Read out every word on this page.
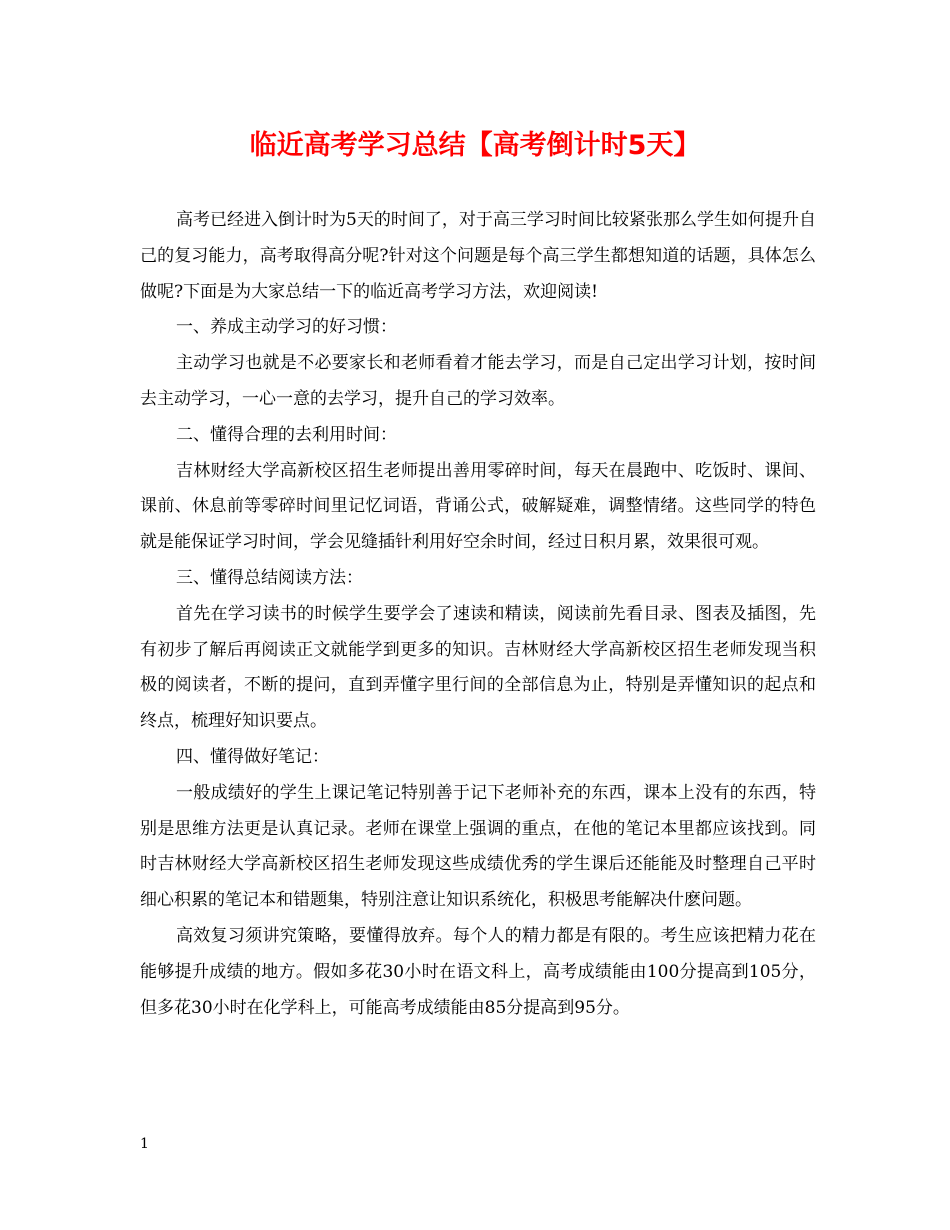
临近高考学习总结【高考倒计时5天】

高考已经进入倒计时为5天的时间了，对于高三学习时间比较紧张那么学生如何提升自己的复习能力，高考取得高分呢?针对这个问题是每个高三学生都想知道的话题，具体怎么做呢?下面是为大家总结一下的临近高考学习方法，欢迎阅读!

一、养成主动学习的好习惯：

主动学习也就是不必要家长和老师看着才能去学习，而是自己定出学习计划，按时间去主动学习，一心一意的去学习，提升自己的学习效率。

二、懂得合理的去利用时间：

吉林财经大学高新校区招生老师提出善用零碎时间，每天在晨跑中、吃饭时、课间、课前、休息前等零碎时间里记忆词语，背诵公式，破解疑难，调整情绪。这些同学的特色就是能保证学习时间，学会见缝插针利用好空余时间，经过日积月累，效果很可观。

三、懂得总结阅读方法：

首先在学习读书的时候学生要学会了速读和精读，阅读前先看目录、图表及插图，先有初步了解后再阅读正文就能学到更多的知识。吉林财经大学高新校区招生老师发现当积极的阅读者，不断的提问，直到弄懂字里行间的全部信息为止，特别是弄懂知识的起点和终点，梳理好知识要点。

四、懂得做好笔记：

一般成绩好的学生上课记笔记特别善于记下老师补充的东西，课本上没有的东西，特别是思维方法更是认真记录。老师在课堂上强调的重点，在他的笔记本里都应该找到。同时吉林财经大学高新校区招生老师发现这些成绩优秀的学生课后还能能及时整理自己平时细心积累的笔记本和错题集，特别注意让知识系统化，积极思考能解决什麽问题。

高效复习须讲究策略，要懂得放弃。每个人的精力都是有限的。考生应该把精力花在能够提升成绩的地方。假如多花30小时在语文科上，高考成绩能由100分提高到105分，但多花30小时在化学科上，可能高考成绩能由85分提高到95分。

1
